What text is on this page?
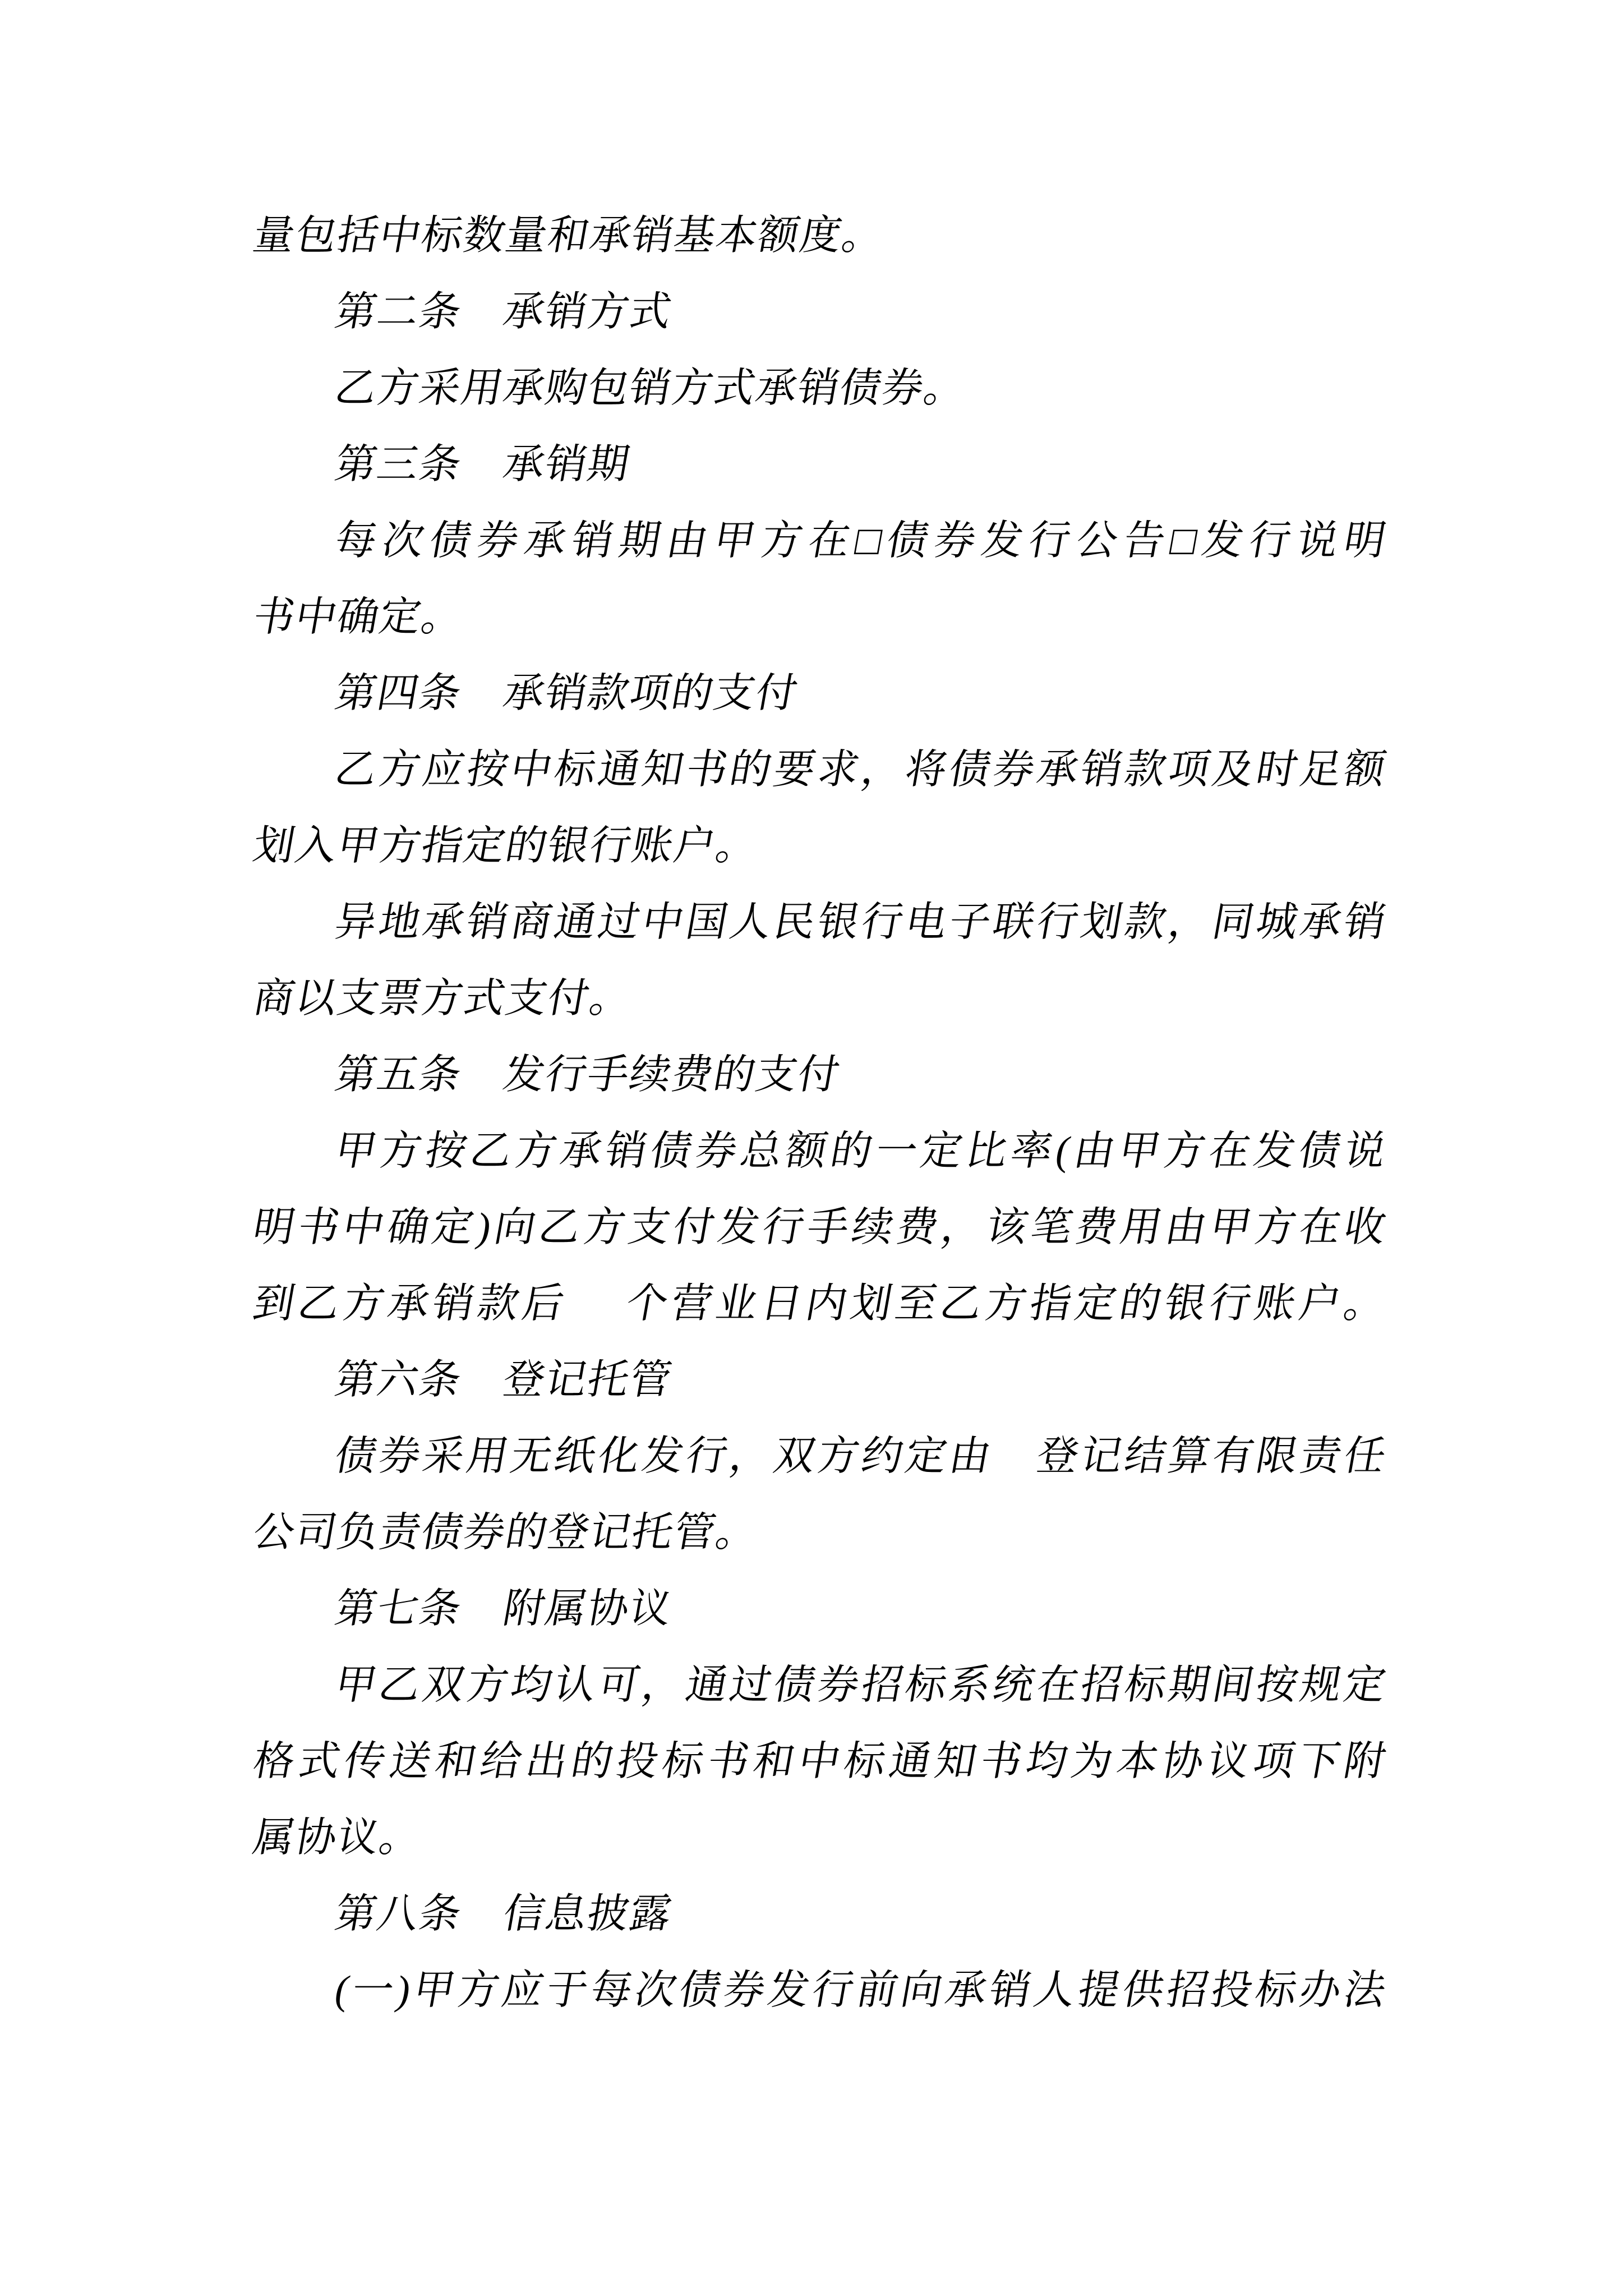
量包括中标数量和承销基本额度。
第二条　承销方式
乙方采用承购包销方式承销债券。
第三条　承销期
每次债券承销期由甲方在□债券发行公告□发行说明
书中确定。
第四条　承销款项的支付
乙方应按中标通知书的要求，将债券承销款项及时足额
划入甲方指定的银行账户。
异地承销商通过中国人民银行电子联行划款，同城承销
商以支票方式支付。
第五条　发行手续费的支付
甲方按乙方承销债券总额的一定比率(由甲方在发债说
明书中确定)向乙方支付发行手续费，该笔费用由甲方在收
到乙方承销款后　 个营业日内划至乙方指定的银行账户。
第六条　登记托管
债券采用无纸化发行，双方约定由　登记结算有限责任
公司负责债券的登记托管。
第七条　附属协议
甲乙双方均认可，通过债券招标系统在招标期间按规定
格式传送和给出的投标书和中标通知书均为本协议项下附
属协议。
第八条　信息披露
(一)甲方应于每次债券发行前向承销人提供招投标办法
